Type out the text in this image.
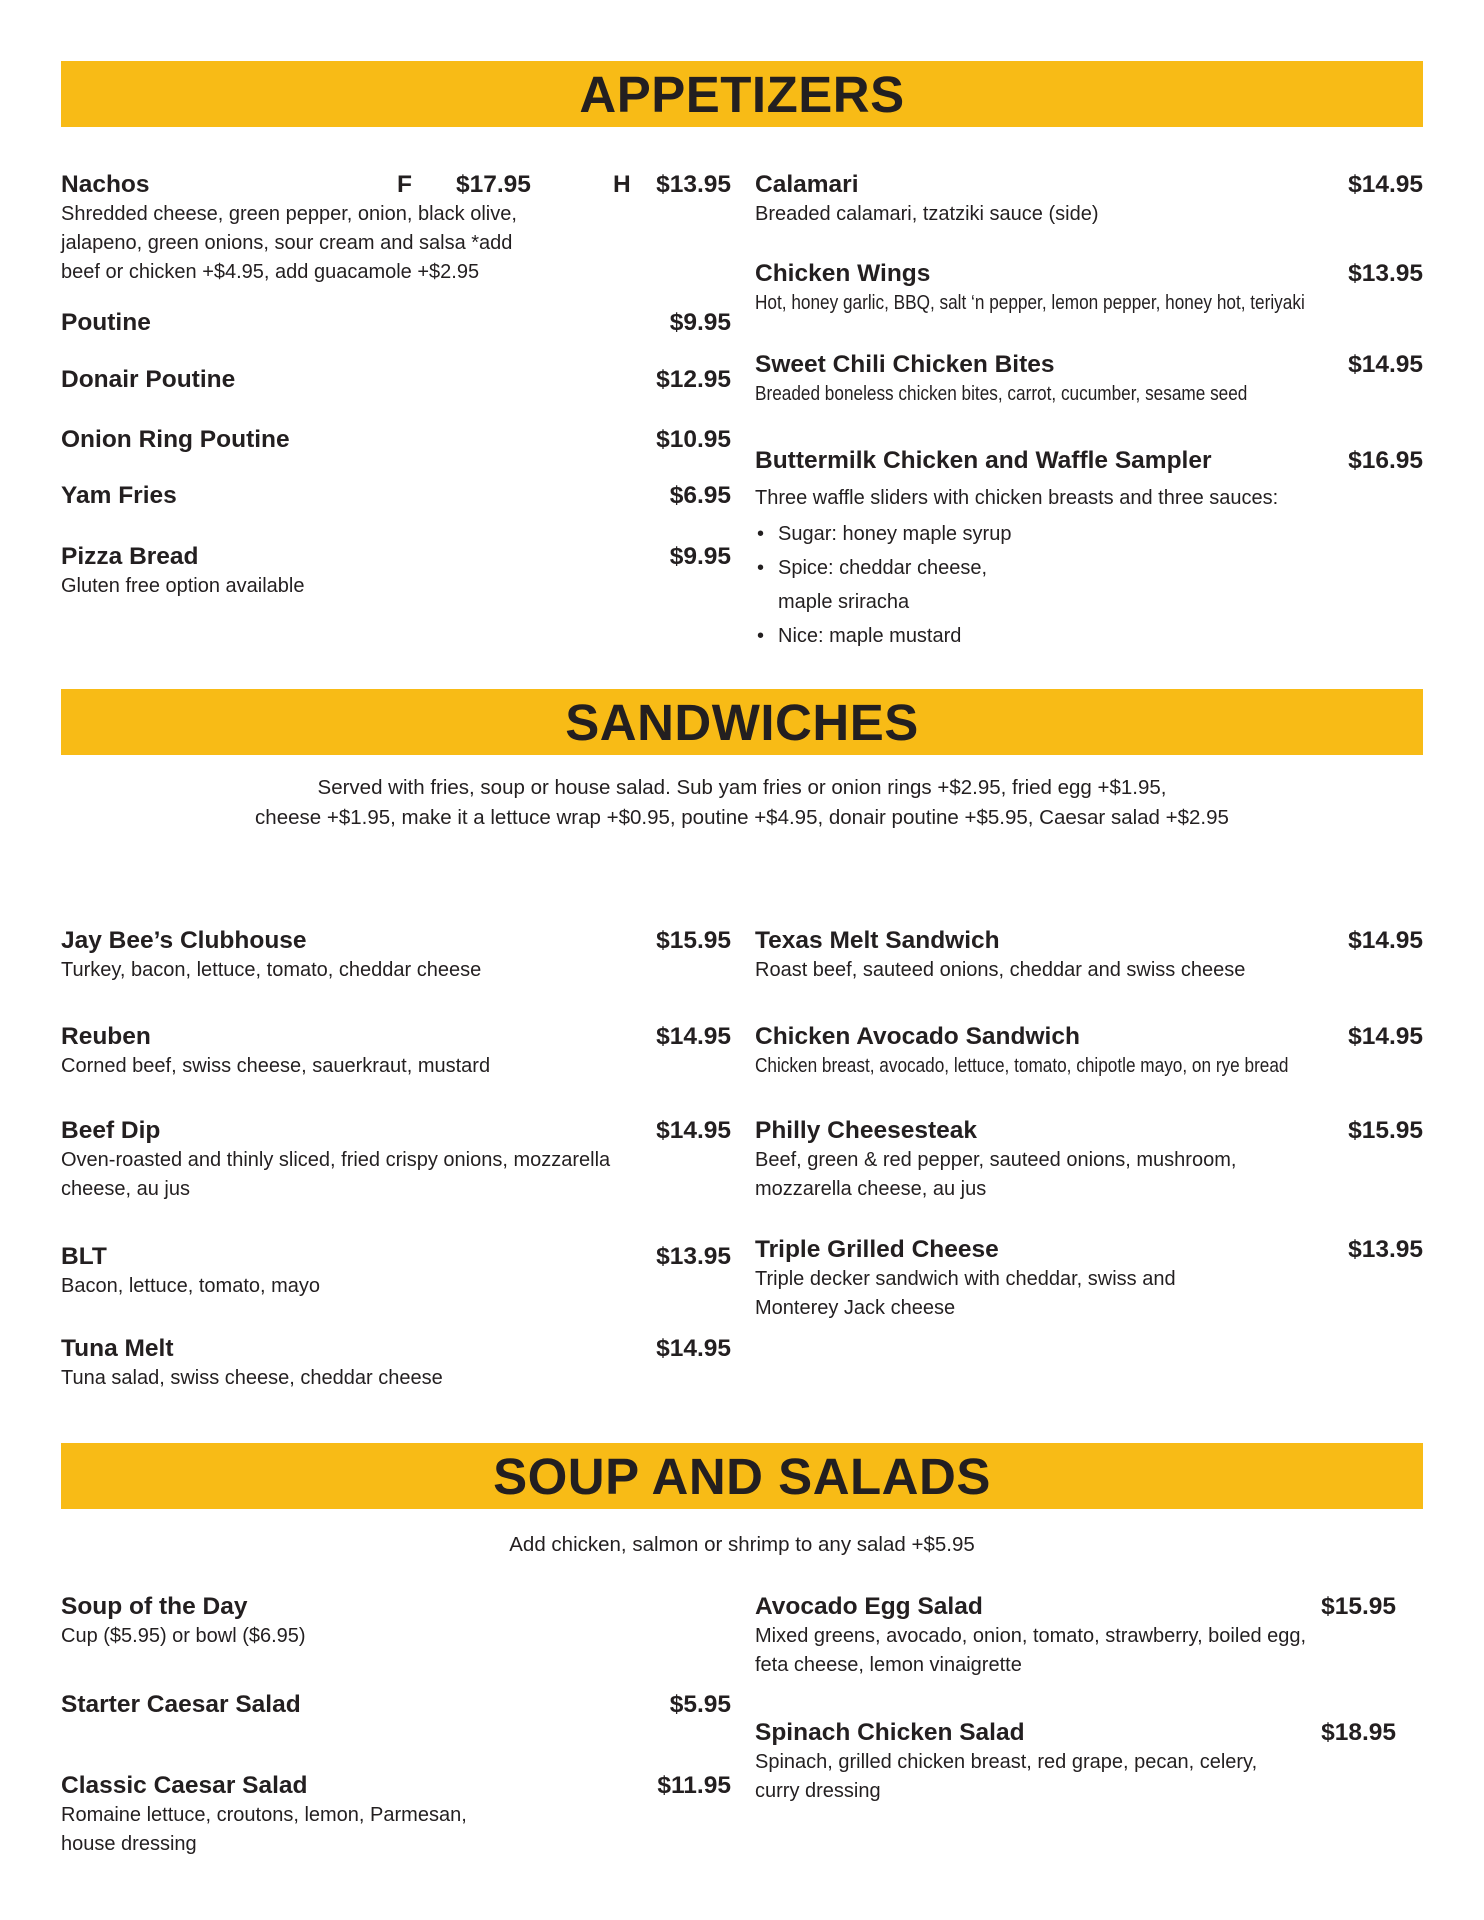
APPETIZERS
Nachos	F $17.95	H $13.95
Shredded cheese, green pepper, onion, black olive, jalapeno, green onions, sour cream and salsa *add beef or chicken +$4.95, add guacamole +$2.95
Poutine	$9.95
Donair Poutine	$12.95
Onion Ring Poutine	$10.95
Yam Fries	$6.95
Pizza Bread	$9.95
Gluten free option available
Calamari	$14.95
Breaded calamari, tzatziki sauce (side)
Chicken Wings	$13.95
Hot, honey garlic, BBQ, salt ‘n pepper, lemon pepper, honey hot, teriyaki
Sweet Chili Chicken Bites	$14.95
Breaded boneless chicken bites, carrot, cucumber, sesame seed
Buttermilk Chicken and Waffle Sampler	$16.95
Three waffle sliders with chicken breasts and three sauces:
• Sugar: honey maple syrup
• Spice: cheddar cheese, maple sriracha
• Nice: maple mustard
SANDWICHES
Served with fries, soup or house salad. Sub yam fries or onion rings +$2.95, fried egg +$1.95,
cheese +$1.95, make it a lettuce wrap +$0.95, poutine +$4.95, donair poutine +$5.95, Caesar salad +$2.95
Jay Bee’s Clubhouse	$15.95
Turkey, bacon, lettuce, tomato, cheddar cheese
Reuben	$14.95
Corned beef, swiss cheese, sauerkraut, mustard
Beef Dip	$14.95
Oven-roasted and thinly sliced, fried crispy onions, mozzarella cheese, au jus
BLT	$13.95
Bacon, lettuce, tomato, mayo
Tuna Melt	$14.95
Tuna salad, swiss cheese, cheddar cheese
Texas Melt Sandwich	$14.95
Roast beef, sauteed onions, cheddar and swiss cheese
Chicken Avocado Sandwich	$14.95
Chicken breast, avocado, lettuce, tomato, chipotle mayo, on rye bread
Philly Cheesesteak	$15.95
Beef, green & red pepper, sauteed onions, mushroom, mozzarella cheese, au jus
Triple Grilled Cheese	$13.95
Triple decker sandwich with cheddar, swiss and Monterey Jack cheese
SOUP AND SALADS
Add chicken, salmon or shrimp to any salad +$5.95
Soup of the Day
Cup ($5.95) or bowl ($6.95)
Starter Caesar Salad	$5.95
Classic Caesar Salad	$11.95
Romaine lettuce, croutons, lemon, Parmesan, house dressing
Avocado Egg Salad	$15.95
Mixed greens, avocado, onion, tomato, strawberry, boiled egg, feta cheese, lemon vinaigrette
Spinach Chicken Salad	$18.95
Spinach, grilled chicken breast, red grape, pecan, celery, curry dressing
